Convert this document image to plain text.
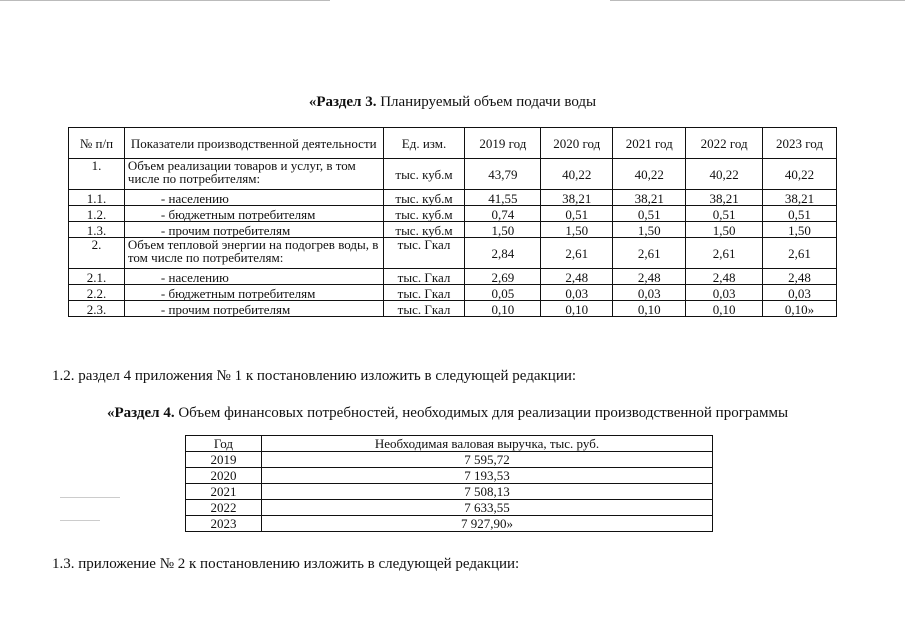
«Раздел 3. Планируемый объем подачи воды
№ п/п	Показатели производственной деятельности	Ед. изм.	2019 год	2020 год	2021 год	2022 год	2023 год
1.	Объем реализации товаров и услуг, в том числе по потребителям:	тыс. куб.м	43,79	40,22	40,22	40,22	40,22
1.1.	- населению	тыс. куб.м	41,55	38,21	38,21	38,21	38,21
1.2.	- бюджетным потребителям	тыс. куб.м	0,74	0,51	0,51	0,51	0,51
1.3.	- прочим потребителям	тыс. куб.м	1,50	1,50	1,50	1,50	1,50
2.	Объем тепловой энергии на подогрев воды, в том числе по потребителям:	тыс. Гкал	2,84	2,61	2,61	2,61	2,61
2.1.	- населению	тыс. Гкал	2,69	2,48	2,48	2,48	2,48
2.2.	- бюджетным потребителям	тыс. Гкал	0,05	0,03	0,03	0,03	0,03
2.3.	- прочим потребителям	тыс. Гкал	0,10	0,10	0,10	0,10	0,10»
1.2. раздел 4 приложения № 1 к постановлению изложить в следующей редакции:
«Раздел 4. Объем финансовых потребностей, необходимых для реализации производственной программы
Год	Необходимая валовая выручка, тыс. руб.
2019	7 595,72
2020	7 193,53
2021	7 508,13
2022	7 633,55
2023	7 927,90»
1.3. приложение № 2 к постановлению изложить в следующей редакции:
